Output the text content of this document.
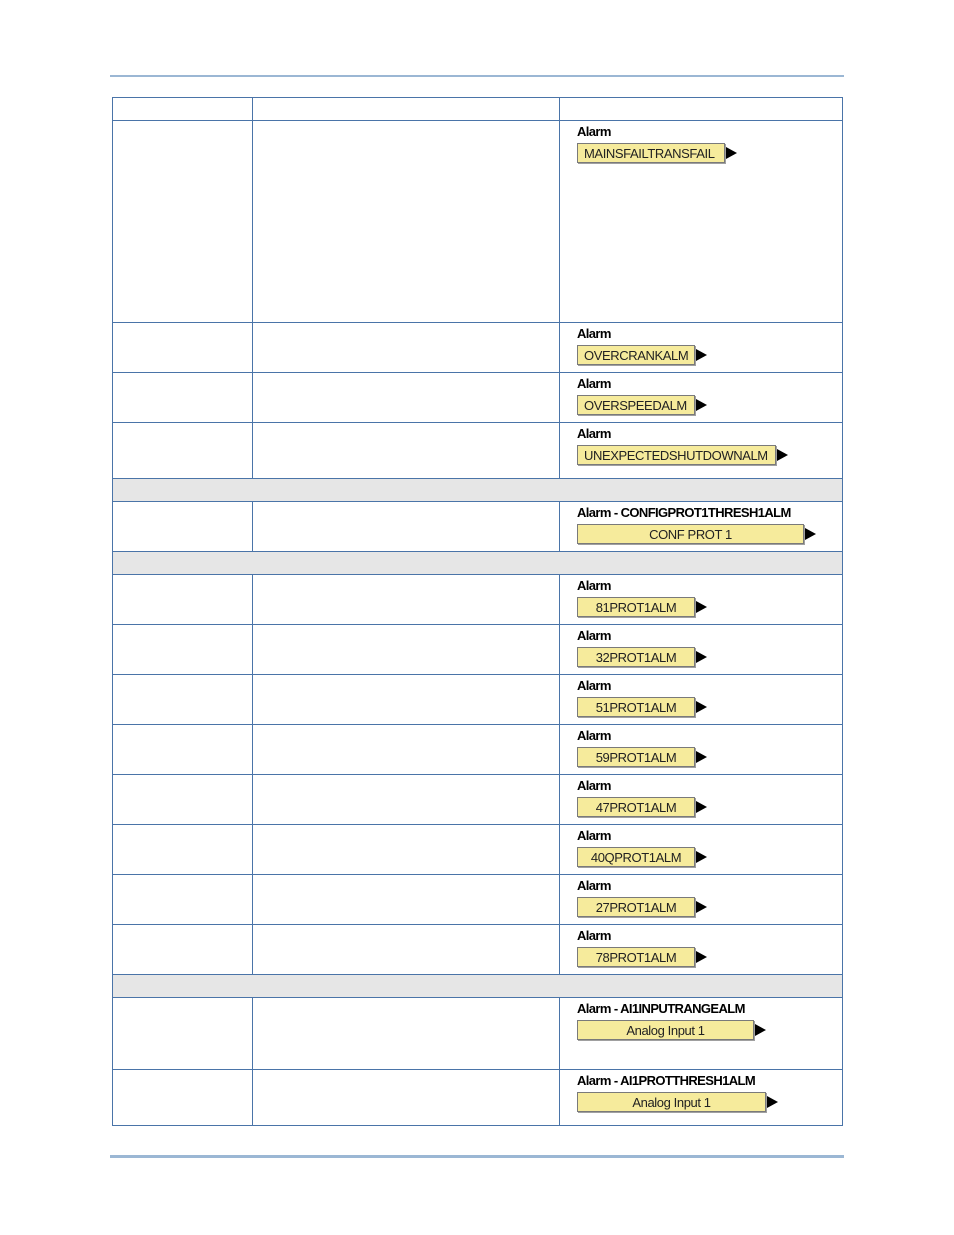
		Alarm
MAINSFAILTRANSFAIL

		Alarm
OVERCRANKALM

		Alarm
OVERSPEEDALM

		Alarm
UNEXPECTEDSHUTDOWNALM

		Alarm - CONFIGPROT1THRESH1ALM
CONF PROT 1

		Alarm
81PROT1ALM

		Alarm
32PROT1ALM

		Alarm
51PROT1ALM

		Alarm
59PROT1ALM

		Alarm
47PROT1ALM

		Alarm
40QPROT1ALM

		Alarm
27PROT1ALM

		Alarm
78PROT1ALM

		Alarm - AI1INPUTRANGEALM
Analog Input 1

		Alarm - AI1PROTTHRESH1ALM
Analog Input 1
